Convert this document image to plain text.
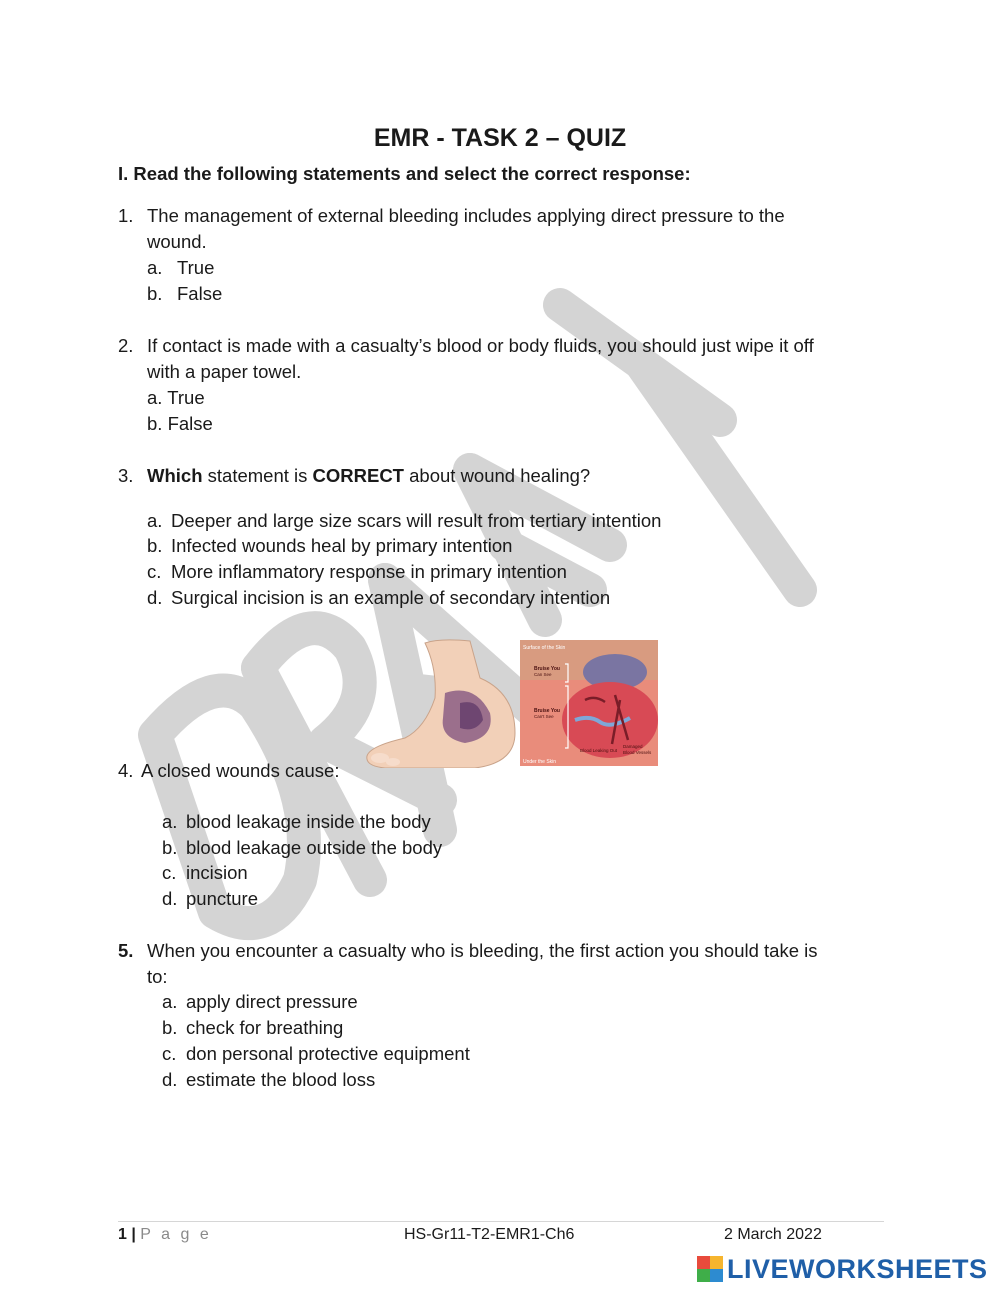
EMR - TASK 2 – QUIZ
I. Read the following statements and select the correct response:
1. The management of external bleeding includes applying direct pressure to the
wound.
a. True
b. False
2. If contact is made with a casualty’s blood or body fluids, you should just wipe it off
with a paper towel.
a. True
b. False
3. Which statement is CORRECT about wound healing?
a. Deeper and large size scars will result from tertiary intention
b. Infected wounds heal by primary intention
c. More inflammatory response in primary intention
d. Surgical incision is an example of secondary intention
Surface of the Skin
Bruise You
Can See
Bruise You
Can't See
Blood Leaking Out
Damaged
Blood Vessels
Under the Skin
4. A closed wounds cause:
a. blood leakage inside the body
b. blood leakage outside the body
c. incision
d. puncture
5. When you encounter a casualty who is bleeding, the first action you should take is
to:
a. apply direct pressure
b. check for breathing
c. don personal protective equipment
d. estimate the blood loss
1 | P a g e	HS-Gr11-T2-EMR1-Ch6	2 March 2022
LIVEWORKSHEETS
